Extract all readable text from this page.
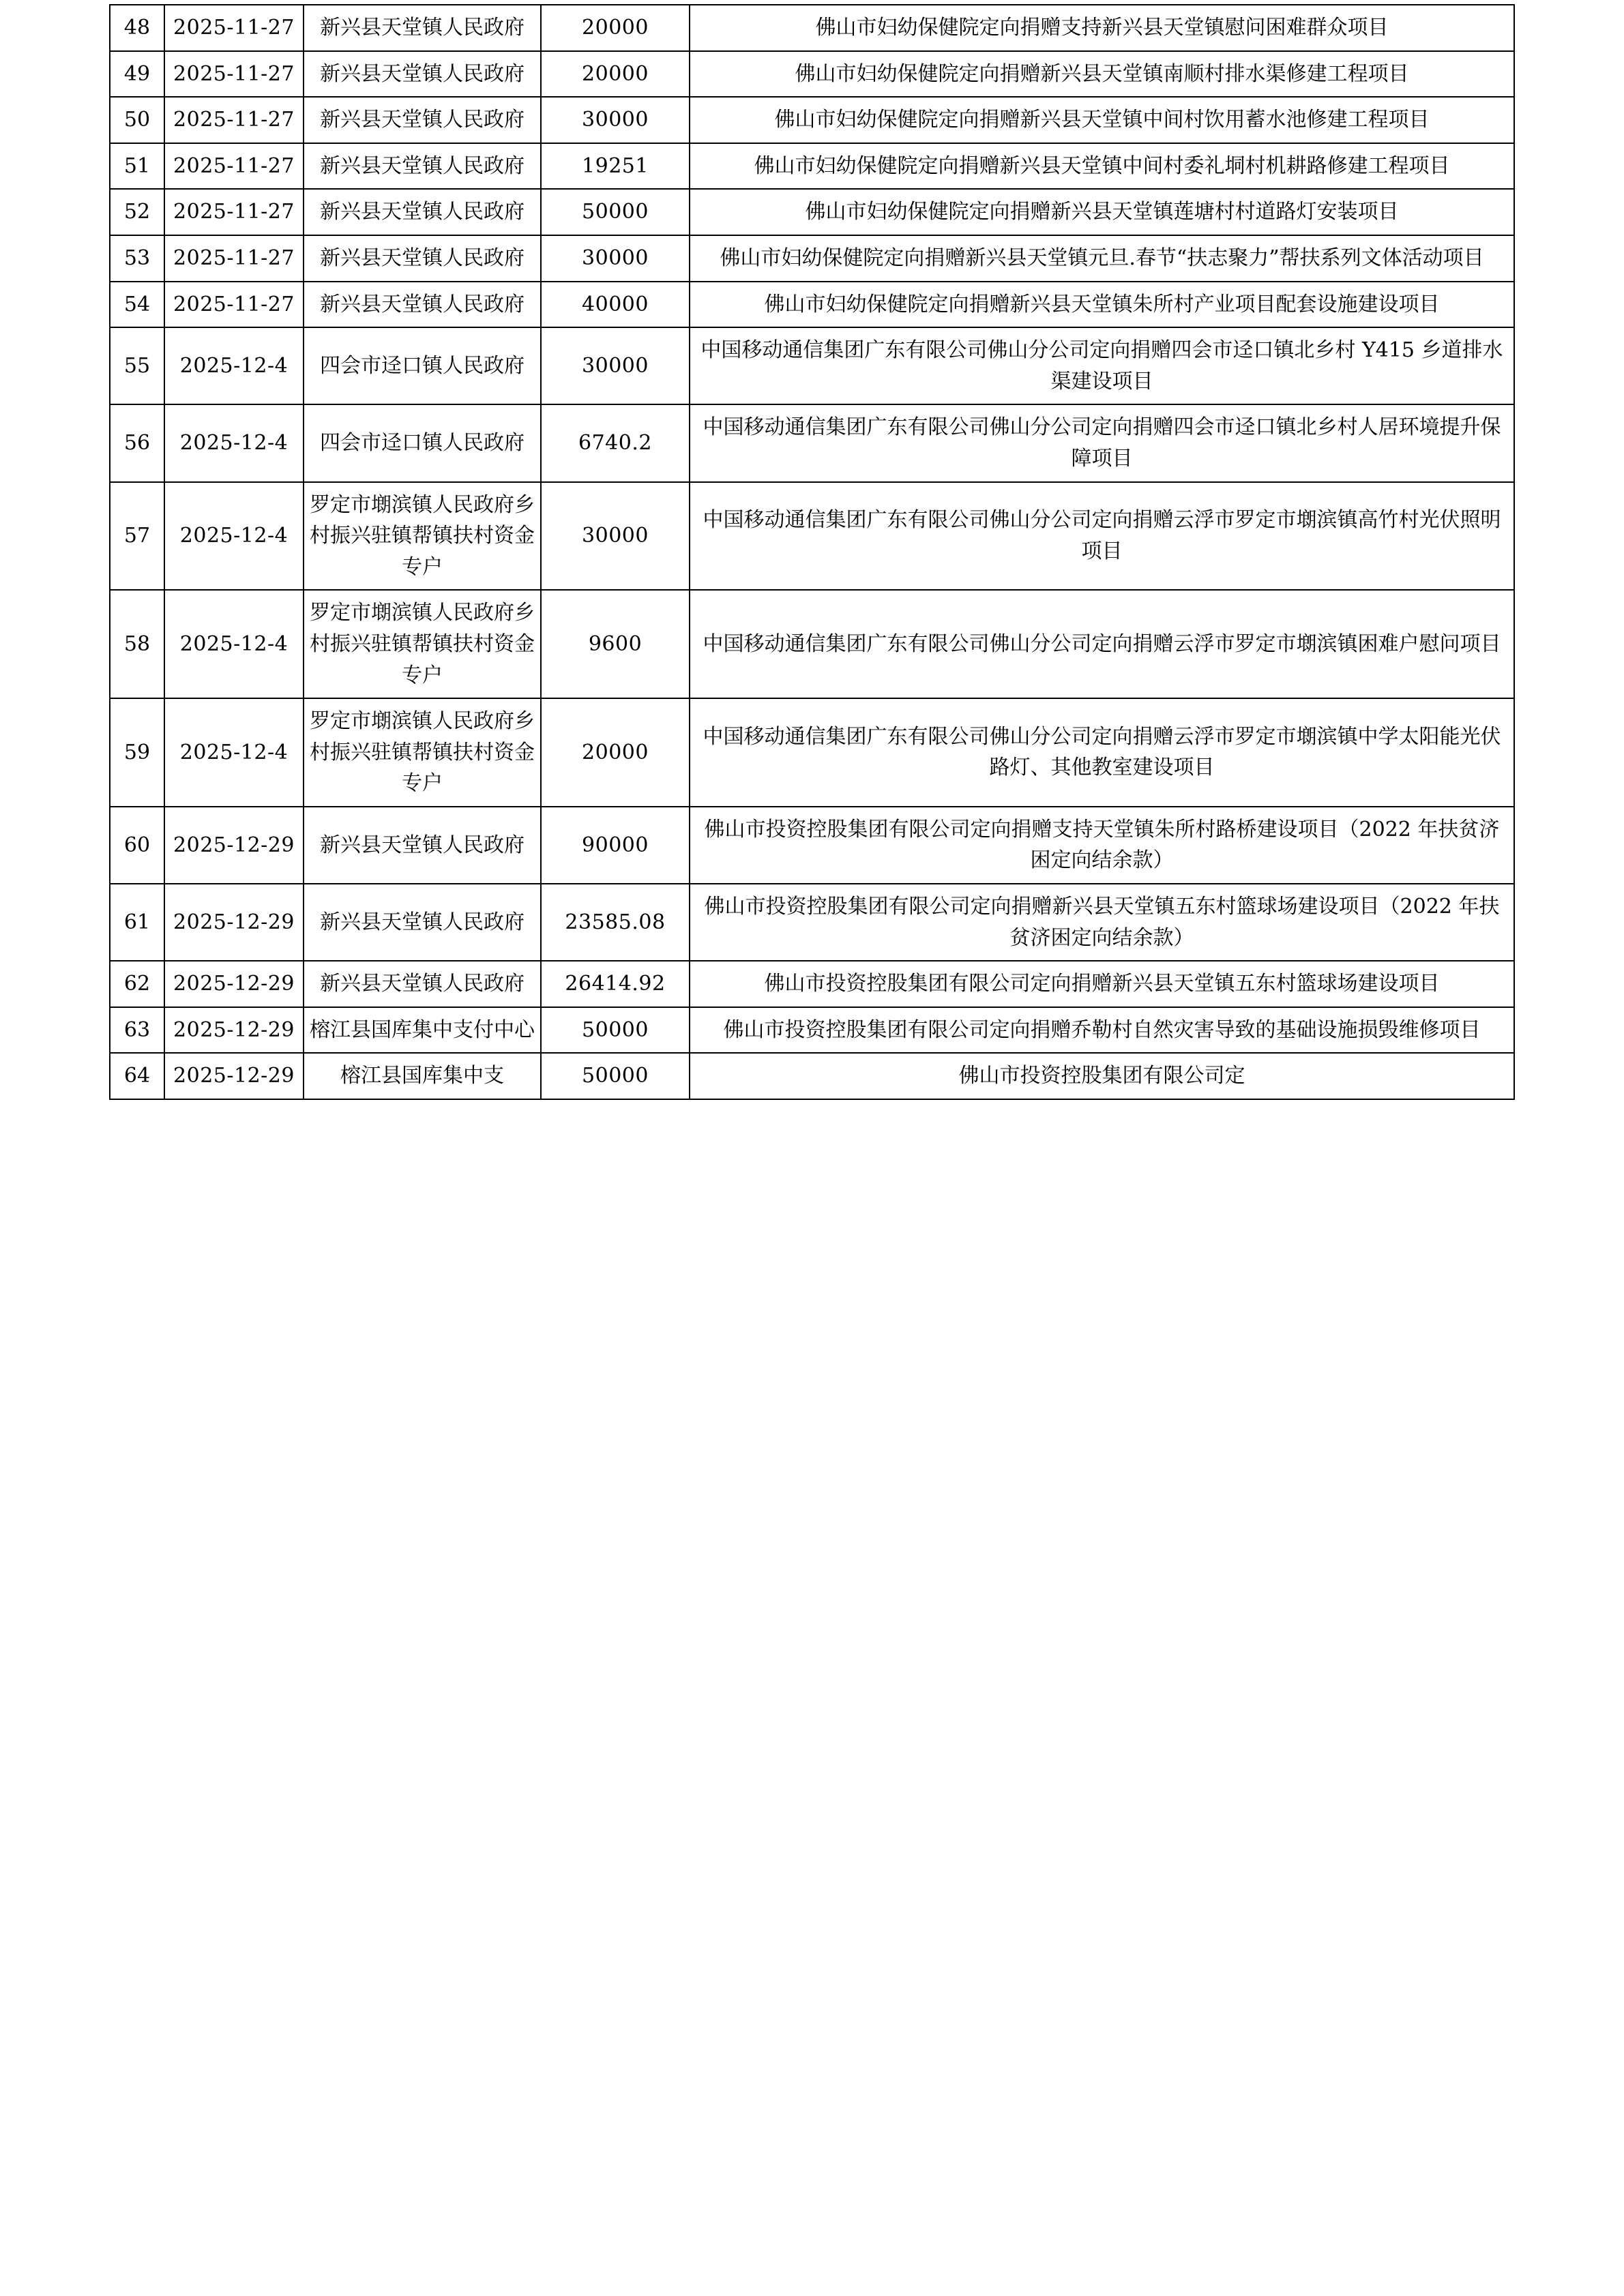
48	2025-11-27	新兴县天堂镇人民政府	20000	佛山市妇幼保健院定向捐赠支持新兴县天堂镇慰问困难群众项目
49	2025-11-27	新兴县天堂镇人民政府	20000	佛山市妇幼保健院定向捐赠新兴县天堂镇南顺村排水渠修建工程项目
50	2025-11-27	新兴县天堂镇人民政府	30000	佛山市妇幼保健院定向捐赠新兴县天堂镇中间村饮用蓄水池修建工程项目
51	2025-11-27	新兴县天堂镇人民政府	19251	佛山市妇幼保健院定向捐赠新兴县天堂镇中间村委礼垌村机耕路修建工程项目
52	2025-11-27	新兴县天堂镇人民政府	50000	佛山市妇幼保健院定向捐赠新兴县天堂镇莲塘村村道路灯安装项目
53	2025-11-27	新兴县天堂镇人民政府	30000	佛山市妇幼保健院定向捐赠新兴县天堂镇元旦.春节“扶志聚力”帮扶系列文体活动项目
54	2025-11-27	新兴县天堂镇人民政府	40000	佛山市妇幼保健院定向捐赠新兴县天堂镇朱所村产业项目配套设施建设项目
55	2025-12-4	四会市迳口镇人民政府	30000	中国移动通信集团广东有限公司佛山分公司定向捐赠四会市迳口镇北乡村 Y415 乡道排水渠建设项目
56	2025-12-4	四会市迳口镇人民政府	6740.2	中国移动通信集团广东有限公司佛山分公司定向捐赠四会市迳口镇北乡村人居环境提升保障项目
57	2025-12-4	罗定市㙟滨镇人民政府乡村振兴驻镇帮镇扶村资金专户	30000	中国移动通信集团广东有限公司佛山分公司定向捐赠云浮市罗定市㙟滨镇高竹村光伏照明项目
58	2025-12-4	罗定市㙟滨镇人民政府乡村振兴驻镇帮镇扶村资金专户	9600	中国移动通信集团广东有限公司佛山分公司定向捐赠云浮市罗定市㙟滨镇困难户慰问项目
59	2025-12-4	罗定市㙟滨镇人民政府乡村振兴驻镇帮镇扶村资金专户	20000	中国移动通信集团广东有限公司佛山分公司定向捐赠云浮市罗定市㙟滨镇中学太阳能光伏路灯、其他教室建设项目
60	2025-12-29	新兴县天堂镇人民政府	90000	佛山市投资控股集团有限公司定向捐赠支持天堂镇朱所村路桥建设项目（2022 年扶贫济困定向结余款）
61	2025-12-29	新兴县天堂镇人民政府	23585.08	佛山市投资控股集团有限公司定向捐赠新兴县天堂镇五东村篮球场建设项目（2022 年扶贫济困定向结余款）
62	2025-12-29	新兴县天堂镇人民政府	26414.92	佛山市投资控股集团有限公司定向捐赠新兴县天堂镇五东村篮球场建设项目
63	2025-12-29	榕江县国库集中支付中心	50000	佛山市投资控股集团有限公司定向捐赠乔勒村自然灾害导致的基础设施损毁维修项目
64	2025-12-29	榕江县国库集中支	50000	佛山市投资控股集团有限公司定
